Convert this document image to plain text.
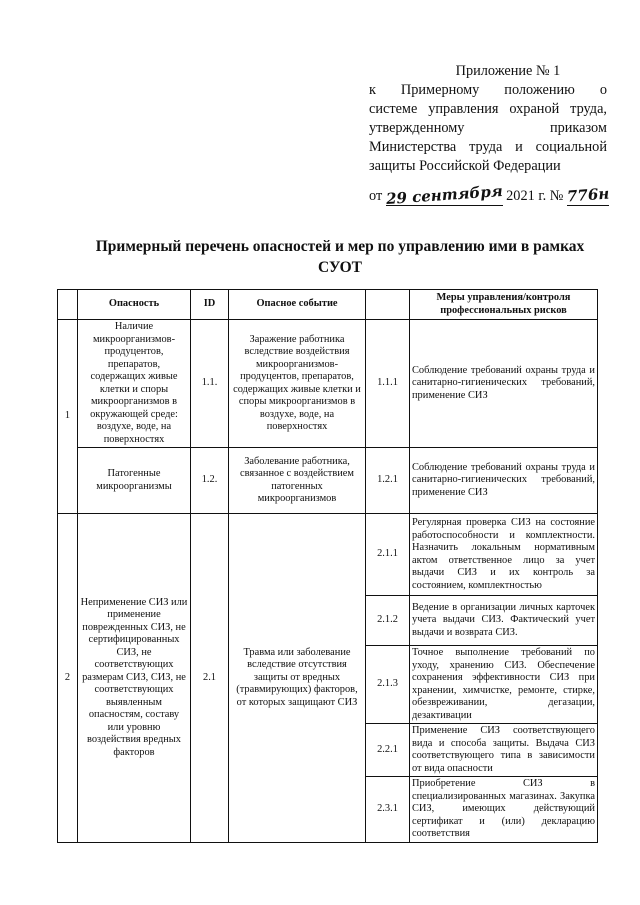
Приложение № 1
к Примерному положению о
системе управления охраной труда,
утвержденному приказом
Министерства труда и социальной
защиты Российской Федерации
от 29 сентября 2021 г. № 776н
Примерный перечень опасностей и мер по управлению ими в рамках СУОТ
	Опасность	ID	Опасное событие		Меры управления/контроля профессиональных рисков
1	Наличие микроорганизмов-продуцентов, препаратов, содержащих живые клетки и споры микроорганизмов в окружающей среде: воздухе, воде, на поверхностях	1.1.	Заражение работника вследствие воздействия микроорганизмов-продуцентов, препаратов, содержащих живые клетки и споры микроорганизмов в воздухе, воде, на поверхностях	1.1.1	Соблюдение требований охраны труда и санитарно-гигиенических требований, применение СИЗ
	Патогенные микроорганизмы	1.2.	Заболевание работника, связанное с воздействием патогенных микроорганизмов	1.2.1	Соблюдение требований охраны труда и санитарно-гигиенических требований, применение СИЗ
2	Неприменение СИЗ или применение поврежденных СИЗ, не сертифицированных СИЗ, не соответствующих размерам СИЗ, СИЗ, не соответствующих выявленным опасностям, составу или уровню воздействия вредных факторов	2.1	Травма или заболевание вследствие отсутствия защиты от вредных (травмирующих) факторов, от которых защищают СИЗ	2.1.1	Регулярная проверка СИЗ на состояние работоспособности и комплектности. Назначить локальным нормативным актом ответственное лицо за учет выдачи СИЗ и их контроль за состоянием, комплектностью
				2.1.2	Ведение в организации личных карточек учета выдачи СИЗ. Фактический учет выдачи и возврата СИЗ.
				2.1.3	Точное выполнение требований по уходу, хранению СИЗ. Обеспечение сохранения эффективности СИЗ при хранении, химчистке, ремонте, стирке, обезвреживании, дегазации, дезактивации
				2.2.1	Применение СИЗ соответствующего вида и способа защиты. Выдача СИЗ соответствующего типа в зависимости от вида опасности
				2.3.1	Приобретение СИЗ в специализированных магазинах. Закупка СИЗ, имеющих действующий сертификат и (или) декларацию соответствия
